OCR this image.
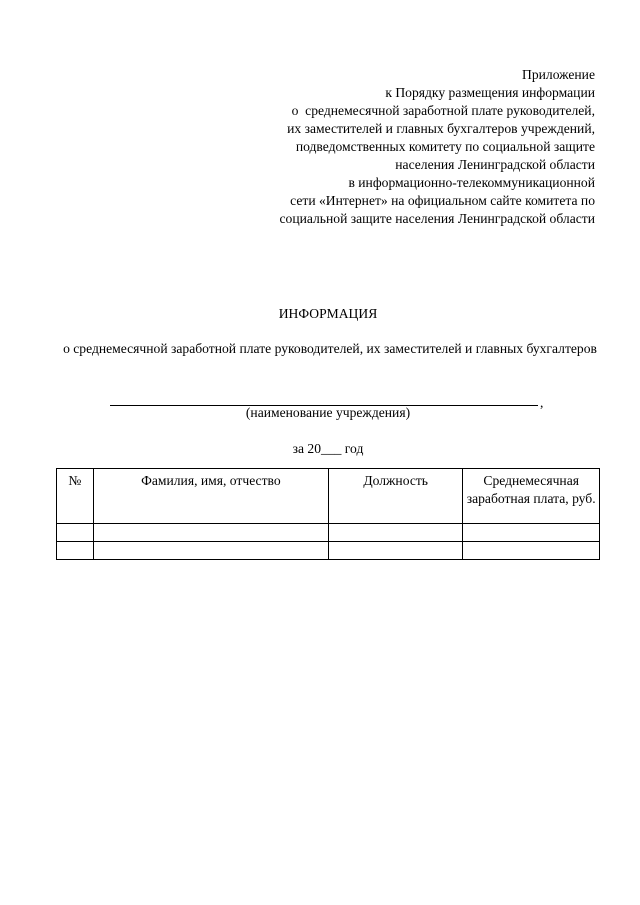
Приложение
к Порядку размещения информации
о  среднемесячной заработной плате руководителей,
их заместителей и главных бухгалтеров учреждений,
подведомственных комитету по социальной защите
населения Ленинградской области
в информационно-телекоммуникационной
сети «Интернет» на официальном сайте комитета по
социальной защите населения Ленинградской области
ИНФОРМАЦИЯ
о среднемесячной заработной плате руководителей, их заместителей и главных бухгалтеров
,
(наименование учреждения)
за 20___ год
№	Фамилия, имя, отчество	Должность	Среднемесячная заработная плата, руб.
